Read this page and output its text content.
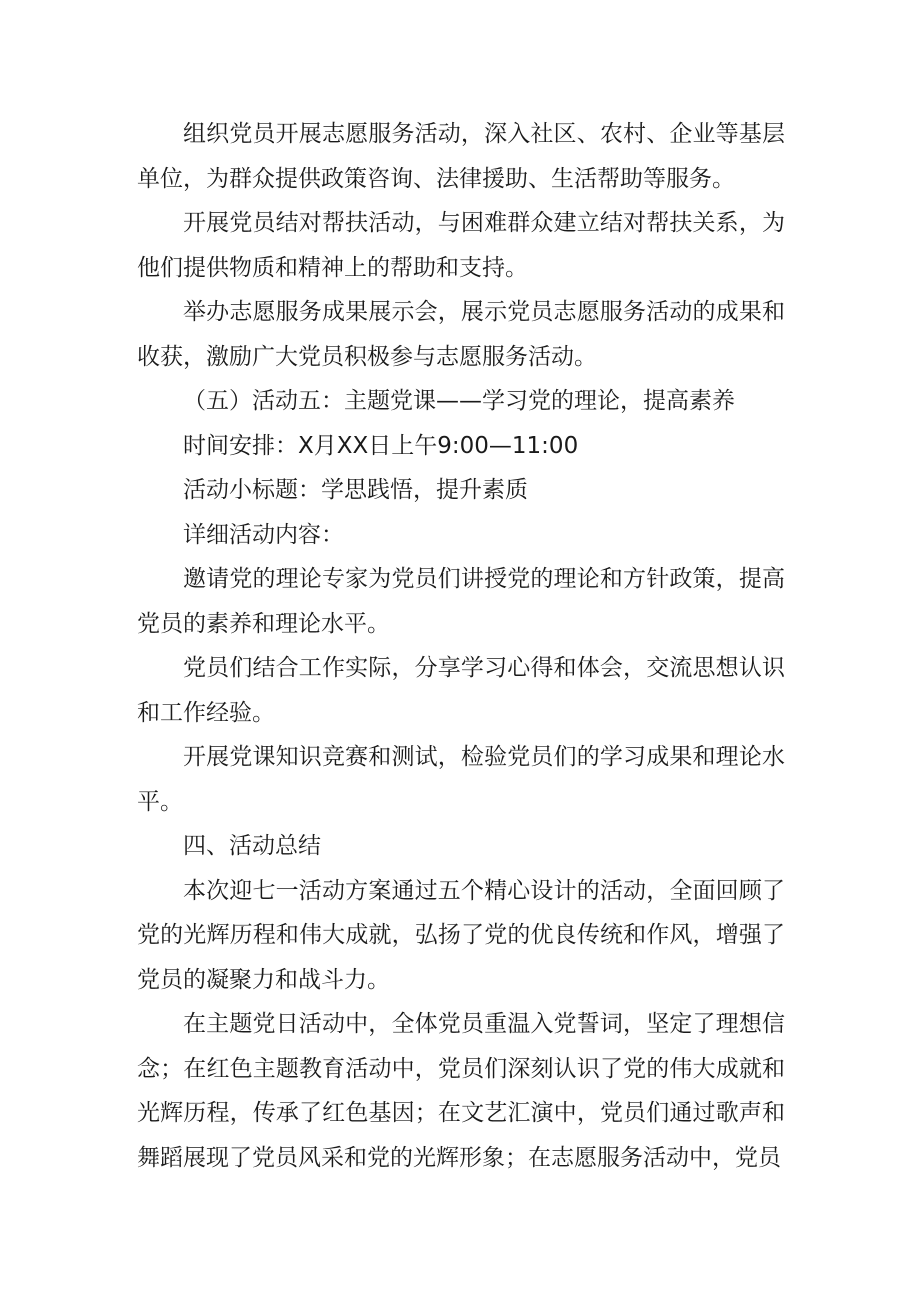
组织党员开展志愿服务活动，深入社区、农村、企业等基层单位，为群众提供政策咨询、法律援助、生活帮助等服务。

开展党员结对帮扶活动，与困难群众建立结对帮扶关系，为他们提供物质和精神上的帮助和支持。

举办志愿服务成果展示会，展示党员志愿服务活动的成果和收获，激励广大党员积极参与志愿服务活动。

（五）活动五：主题党课——学习党的理论，提高素养

时间安排：X月XX日上午9:00—11:00

活动小标题：学思践悟，提升素质

详细活动内容：

邀请党的理论专家为党员们讲授党的理论和方针政策，提高党员的素养和理论水平。

党员们结合工作实际，分享学习心得和体会，交流思想认识和工作经验。

开展党课知识竞赛和测试，检验党员们的学习成果和理论水平。

四、活动总结

本次迎七一活动方案通过五个精心设计的活动，全面回顾了党的光辉历程和伟大成就，弘扬了党的优良传统和作风，增强了党员的凝聚力和战斗力。

在主题党日活动中，全体党员重温入党誓词，坚定了理想信念；在红色主题教育活动中，党员们深刻认识了党的伟大成就和光辉历程，传承了红色基因；在文艺汇演中，党员们通过歌声和舞蹈展现了党员风采和党的光辉形象；在志愿服务活动中，党员
